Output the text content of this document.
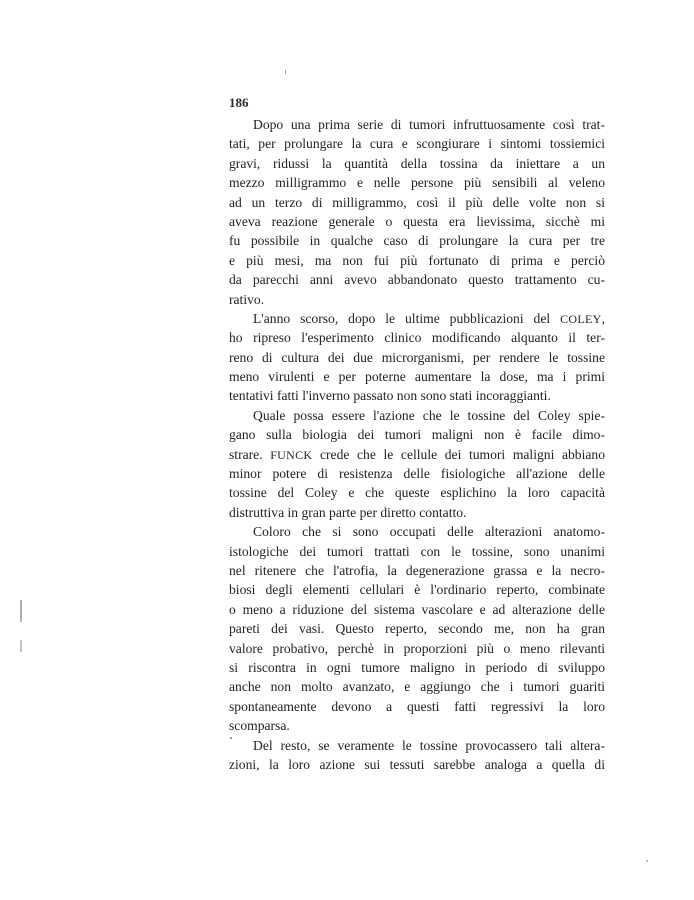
186
Dopo una prima serie di tumori infruttuosamente così trat-
tati, per prolungare la cura e scongiurare i sintomi tossiemici
gravi, ridussi la quantità della tossina da iniettare a un
mezzo milligrammo e nelle persone più sensibili al veleno
ad un terzo di milligrammo, così il più delle volte non si
aveva reazione generale o questa era lievissima, sicchè mi
fu possibile in qualche caso di prolungare la cura per tre
e più mesi, ma non fui più fortunato di prima e perciò
da parecchi anni avevo abbandonato questo trattamento cu-
rativo.
L'anno scorso, dopo le ultime pubblicazioni del COLEY,
ho ripreso l'esperimento clinico modificando alquanto il ter-
reno di cultura dei due microrganismi, per rendere le tossine
meno virulenti e per poterne aumentare la dose, ma i primi
tentativi fatti l'inverno passato non sono stati incoraggianti.
Quale possa essere l'azione che le tossine del Coley spie-
gano sulla biologia dei tumori maligni non è facile dimo-
strare. FUNCK crede che le cellule dei tumori maligni abbiano
minor potere di resistenza delle fisiologiche all'azione delle
tossine del Coley e che queste esplichino la loro capacità
distruttiva in gran parte per diretto contatto.
Coloro che si sono occupati delle alterazioni anatomo-
istologiche dei tumori trattati con le tossine, sono unanimi
nel ritenere che l'atrofia, la degenerazione grassa e la necro-
biosi degli elementi cellulari è l'ordinario reperto, combinate
o meno a riduzione del sistema vascolare e ad alterazione delle
pareti dei vasi. Questo reperto, secondo me, non ha gran
valore probativo, perchè in proporzioni più o meno rilevanti
si riscontra in ogni tumore maligno in periodo di sviluppo
anche non molto avanzato, e aggiungo che i tumori guariti
spontaneamente devono a questi fatti regressivi la loro
scomparsa.
Del resto, se veramente le tossine provocassero tali altera-
zioni, la loro azione sui tessuti sarebbe analoga a quella di
